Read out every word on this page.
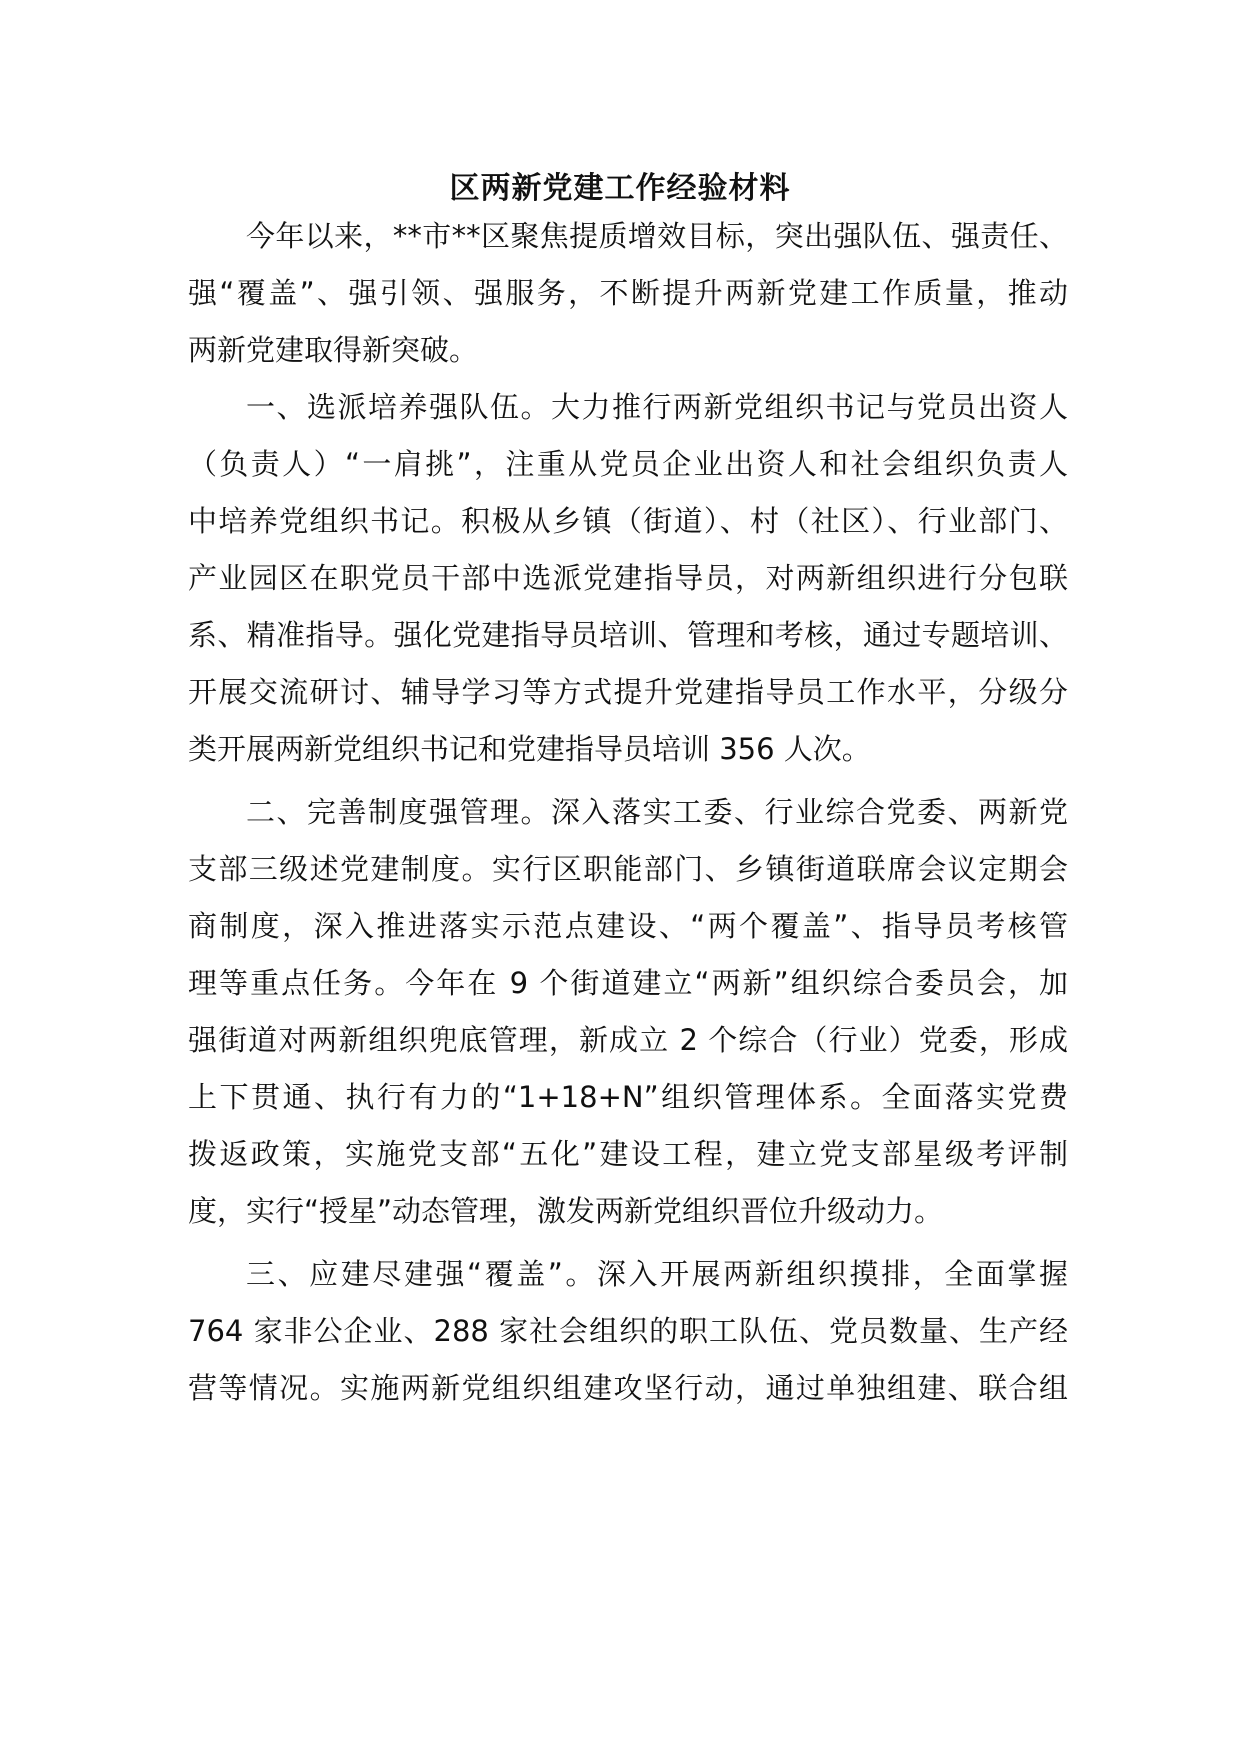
区两新党建工作经验材料

今年以来，**市**区聚焦提质增效目标，突出强队伍、强责任、

强“覆盖”、强引领、强服务，不断提升两新党建工作质量，推动

两新党建取得新突破。

一、选派培养强队伍。大力推行两新党组织书记与党员出资人

（负责人）“一肩挑”，注重从党员企业出资人和社会组织负责人

中培养党组织书记。积极从乡镇（街道）、村（社区）、行业部门、

产业园区在职党员干部中选派党建指导员，对两新组织进行分包联

系、精准指导。强化党建指导员培训、管理和考核，通过专题培训、

开展交流研讨、辅导学习等方式提升党建指导员工作水平，分级分

类开展两新党组织书记和党建指导员培训 356 人次。

二、完善制度强管理。深入落实工委、行业综合党委、两新党

支部三级述党建制度。实行区职能部门、乡镇街道联席会议定期会

商制度，深入推进落实示范点建设、“两个覆盖”、指导员考核管

理等重点任务。今年在 9 个街道建立“两新”组织综合委员会，加

强街道对两新组织兜底管理，新成立 2 个综合（行业）党委，形成

上下贯通、执行有力的“1+18+N”组织管理体系。全面落实党费

拨返政策，实施党支部“五化”建设工程，建立党支部星级考评制

度，实行“授星”动态管理，激发两新党组织晋位升级动力。

三、应建尽建强“覆盖”。深入开展两新组织摸排，全面掌握

764 家非公企业、288 家社会组织的职工队伍、党员数量、生产经

营等情况。实施两新党组织组建攻坚行动，通过单独组建、联合组
